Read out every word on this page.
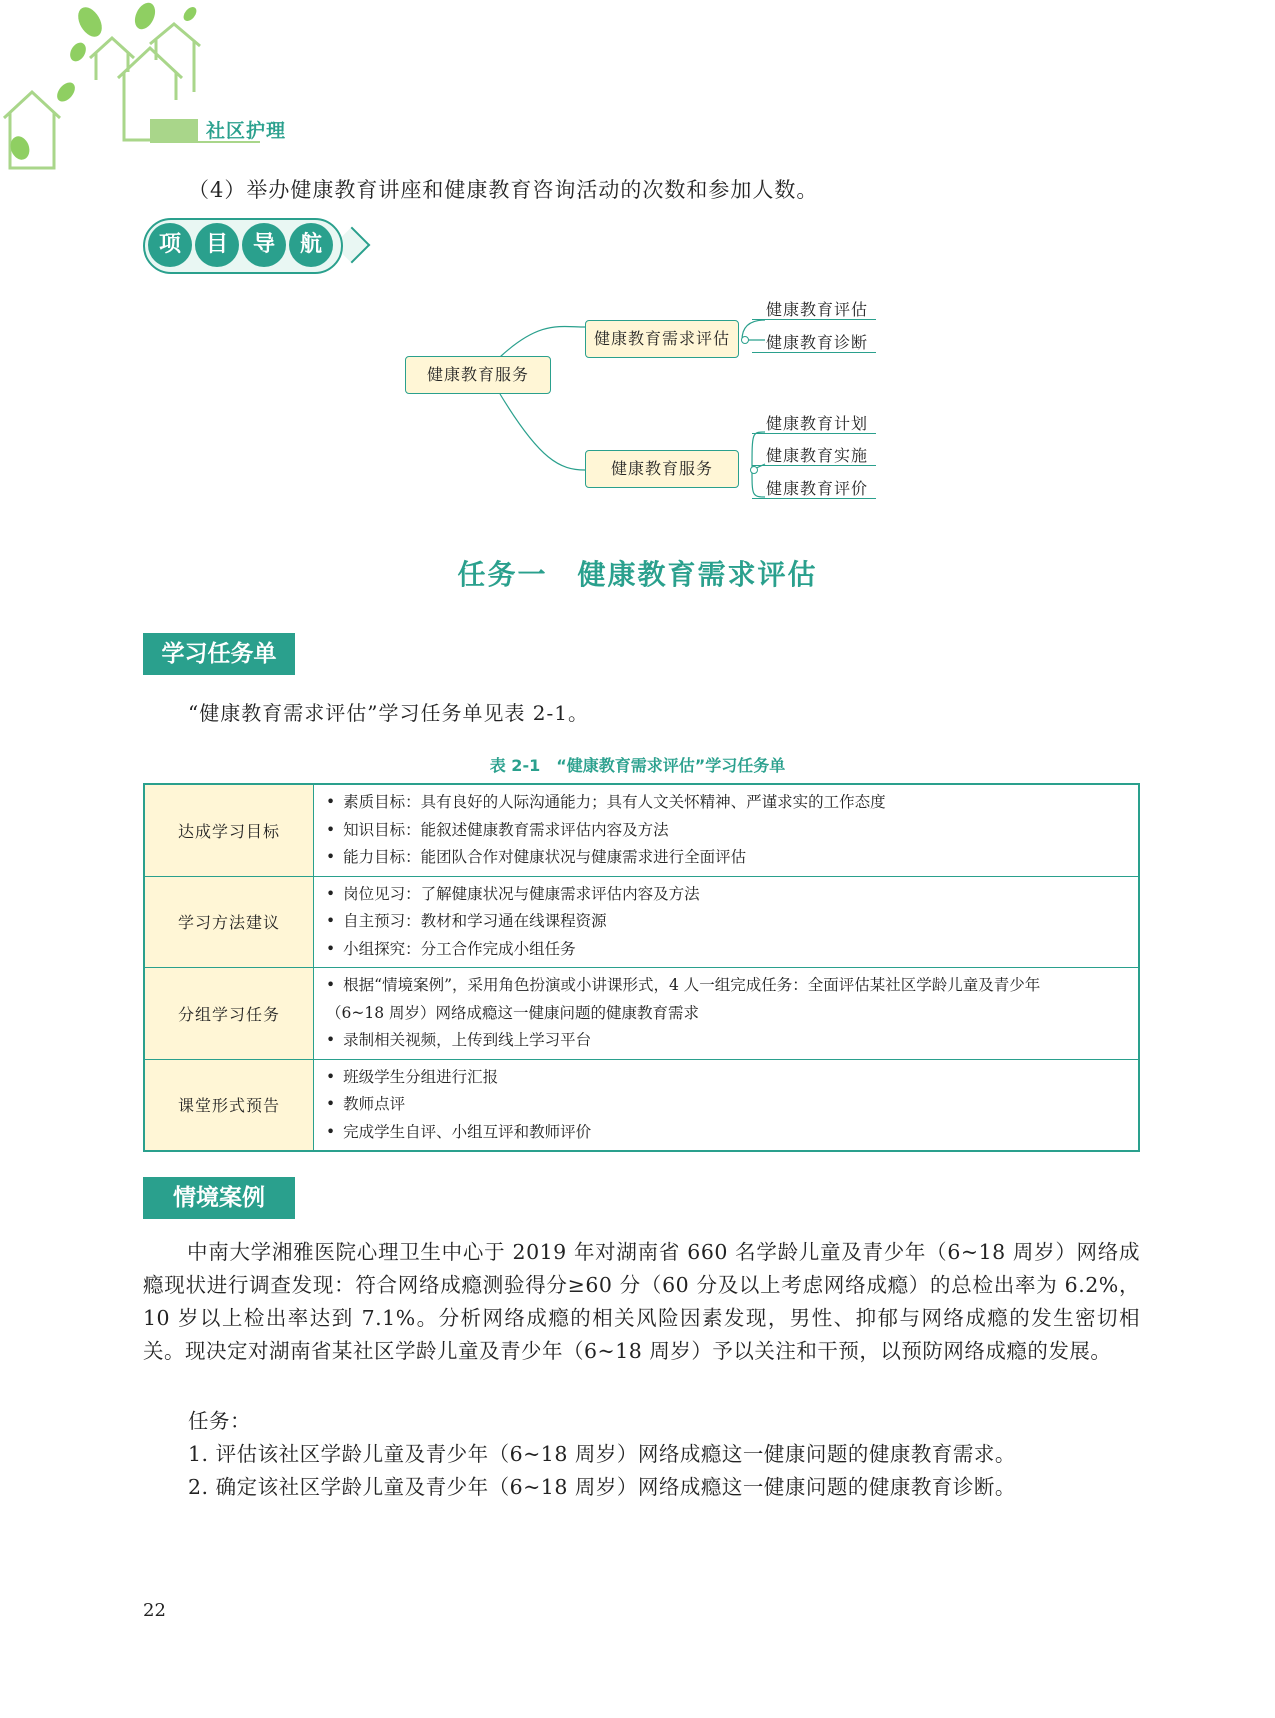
社区护理
（4）举办健康教育讲座和健康教育咨询活动的次数和参加人数。
项	目	导	航
健康教育服务
健康教育需求评估
健康教育服务
健康教育评估
健康教育诊断
健康教育计划
健康教育实施
健康教育评价
任务一　健康教育需求评估
学习任务单
“健康教育需求评估”学习任务单见表 2-1。
表 2-1　“健康教育需求评估”学习任务单
达成学习目标	• 素质目标：具有良好的人际沟通能力；具有人文关怀精神、严谨求实的工作态度
• 知识目标：能叙述健康教育需求评估内容及方法
• 能力目标：能团队合作对健康状况与健康需求进行全面评估

学习方法建议	• 岗位见习：了解健康状况与健康需求评估内容及方法
• 自主预习：教材和学习通在线课程资源
• 小组探究：分工合作完成小组任务

分组学习任务	• 根据“情境案例”，采用角色扮演或小讲课形式，4 人一组完成任务：全面评估某社区学龄儿童及青少年
（6~18 周岁）网络成瘾这一健康问题的健康教育需求
• 录制相关视频，上传到线上学习平台

课堂形式预告	• 班级学生分组进行汇报
• 教师点评
• 完成学生自评、小组互评和教师评价
情境案例

中南大学湘雅医院心理卫生中心于 2019 年对湖南省 660 名学龄儿童及青少年（6~18 周岁）网络成瘾现状进行调查发现：符合网络成瘾测验得分≥60 分（60 分及以上考虑网络成瘾）的总检出率为 6.2%，10 岁以上检出率达到 7.1%。分析网络成瘾的相关风险因素发现，男性、抑郁与网络成瘾的发生密切相关。现决定对湖南省某社区学龄儿童及青少年（6~18 周岁）予以关注和干预，以预防网络成瘾的发展。

任务：
1. 评估该社区学龄儿童及青少年（6~18 周岁）网络成瘾这一健康问题的健康教育需求。
2. 确定该社区学龄儿童及青少年（6~18 周岁）网络成瘾这一健康问题的健康教育诊断。
22
